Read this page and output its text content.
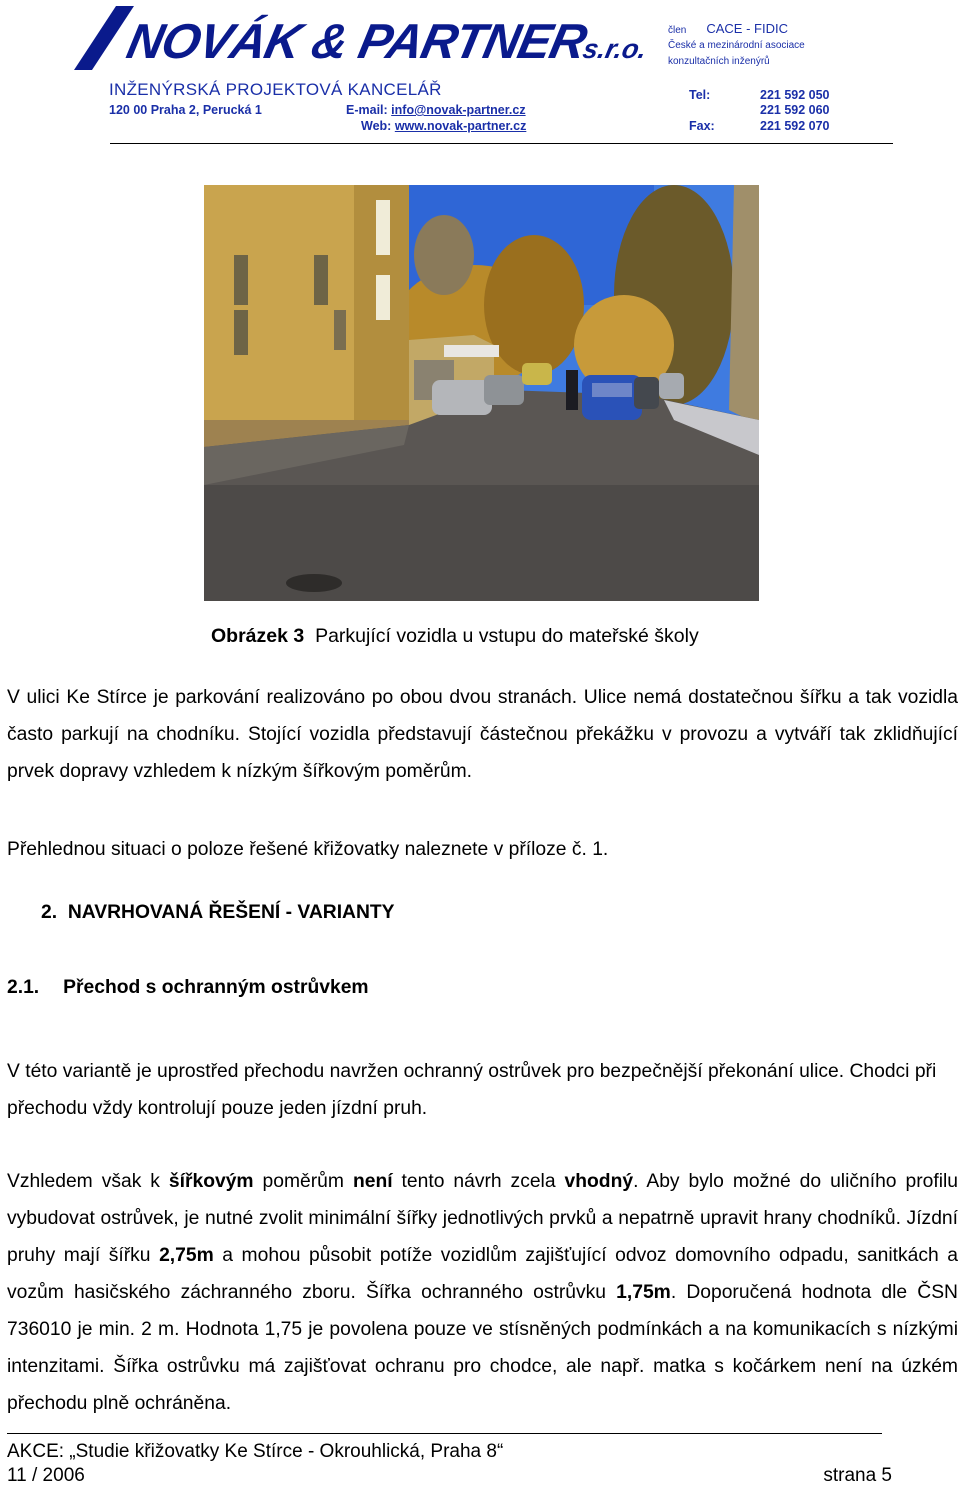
NOVÁK & PARTNERs.r.o.
INŽENÝRSKÁ PROJEKTOVÁ KANCELÁŘ
120 00 Praha 2, Perucká 1	E-mail: info@novak-partner.cz
Web: www.novak-partner.cz
člen CACE - FIDIC
České a mezinárodní asociace
konzultačních inženýrů
Tel:	221 592 050
221 592 060
Fax:	221 592 070
Obrázek 3 Parkující vozidla u vstupu do mateřské školy
V ulici Ke Stírce je parkování realizováno po obou dvou stranách. Ulice nemá dostatečnou šířku a tak vozidla často parkují na chodníku. Stojící vozidla představují částečnou překážku v provozu a vytváří tak zklidňující prvek dopravy vzhledem k nízkým šířkovým poměrům.
Přehlednou situaci o poloze řešené křižovatky naleznete v příloze č. 1.
2. NAVRHOVANÁ ŘEŠENÍ - VARIANTY
2.1. Přechod s ochranným ostrůvkem
V této variantě je uprostřed přechodu navržen ochranný ostrůvek pro bezpečnější překonání ulice. Chodci při přechodu vždy kontrolují pouze jeden jízdní pruh.
Vzhledem však k šířkovým poměrům není tento návrh zcela vhodný. Aby bylo možné do uličního profilu vybudovat ostrůvek, je nutné zvolit minimální šířky jednotlivých prvků a nepatrně upravit hrany chodníků. Jízdní pruhy mají šířku 2,75m a mohou působit potíže vozidlům zajišťující odvoz domovního odpadu, sanitkách a vozům hasičského záchranného zboru. Šířka ochranného ostrůvku 1,75m. Doporučená hodnota dle ČSN 736010 je min. 2 m. Hodnota 1,75 je povolena pouze ve stísněných podmínkách a na komunikacích s nízkými intenzitami. Šířka ostrůvku má zajišťovat ochranu pro chodce, ale např. matka s kočárkem není na úzkém přechodu plně ochráněna.
AKCE: „Studie křižovatky Ke Stírce - Okrouhlická, Praha 8“
11 / 2006	strana 5
